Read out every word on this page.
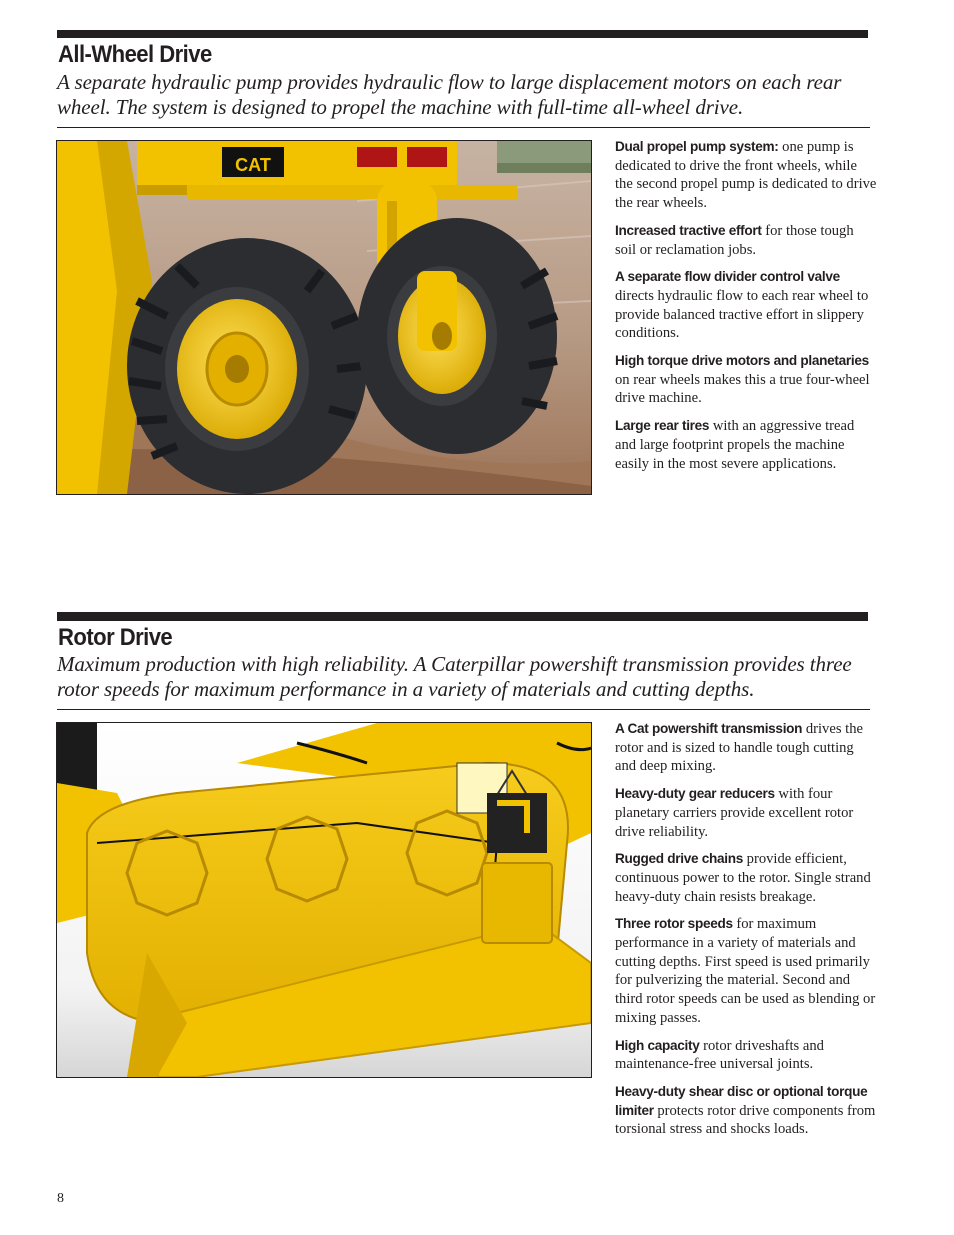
All-Wheel Drive

A separate hydraulic pump provides hydraulic flow to large displacement motors on each rear wheel. The system is designed to propel the machine with full-time all-wheel drive.

CAT

Dual propel pump system: one pump is dedicated to drive the front wheels, while the second propel pump is dedicated to drive the rear wheels.

Increased tractive effort for those tough soil or reclamation jobs.

A separate flow divider control valve directs hydraulic flow to each rear wheel to provide balanced tractive effort in slippery conditions.

High torque drive motors and planetaries on rear wheels makes this a true four-wheel drive machine.

Large rear tires with an aggressive tread and large footprint propels the machine easily in the most severe applications.

Rotor Drive

Maximum production with high reliability. A Caterpillar powershift transmission provides three rotor speeds for maximum performance in a variety of materials and cutting depths.

A Cat powershift transmission drives the rotor and is sized to handle tough cutting and deep mixing.

Heavy-duty gear reducers with four planetary carriers provide excellent rotor drive reliability.

Rugged drive chains provide efficient, continuous power to the rotor. Single strand heavy-duty chain resists breakage.

Three rotor speeds for maximum performance in a variety of materials and cutting depths. First speed is used primarily for pulverizing the material. Second and third rotor speeds can be used as blending or mixing passes.

High capacity rotor driveshafts and maintenance-free universal joints.

Heavy-duty shear disc or optional torque limiter protects rotor drive components from torsional stress and shocks loads.

8
